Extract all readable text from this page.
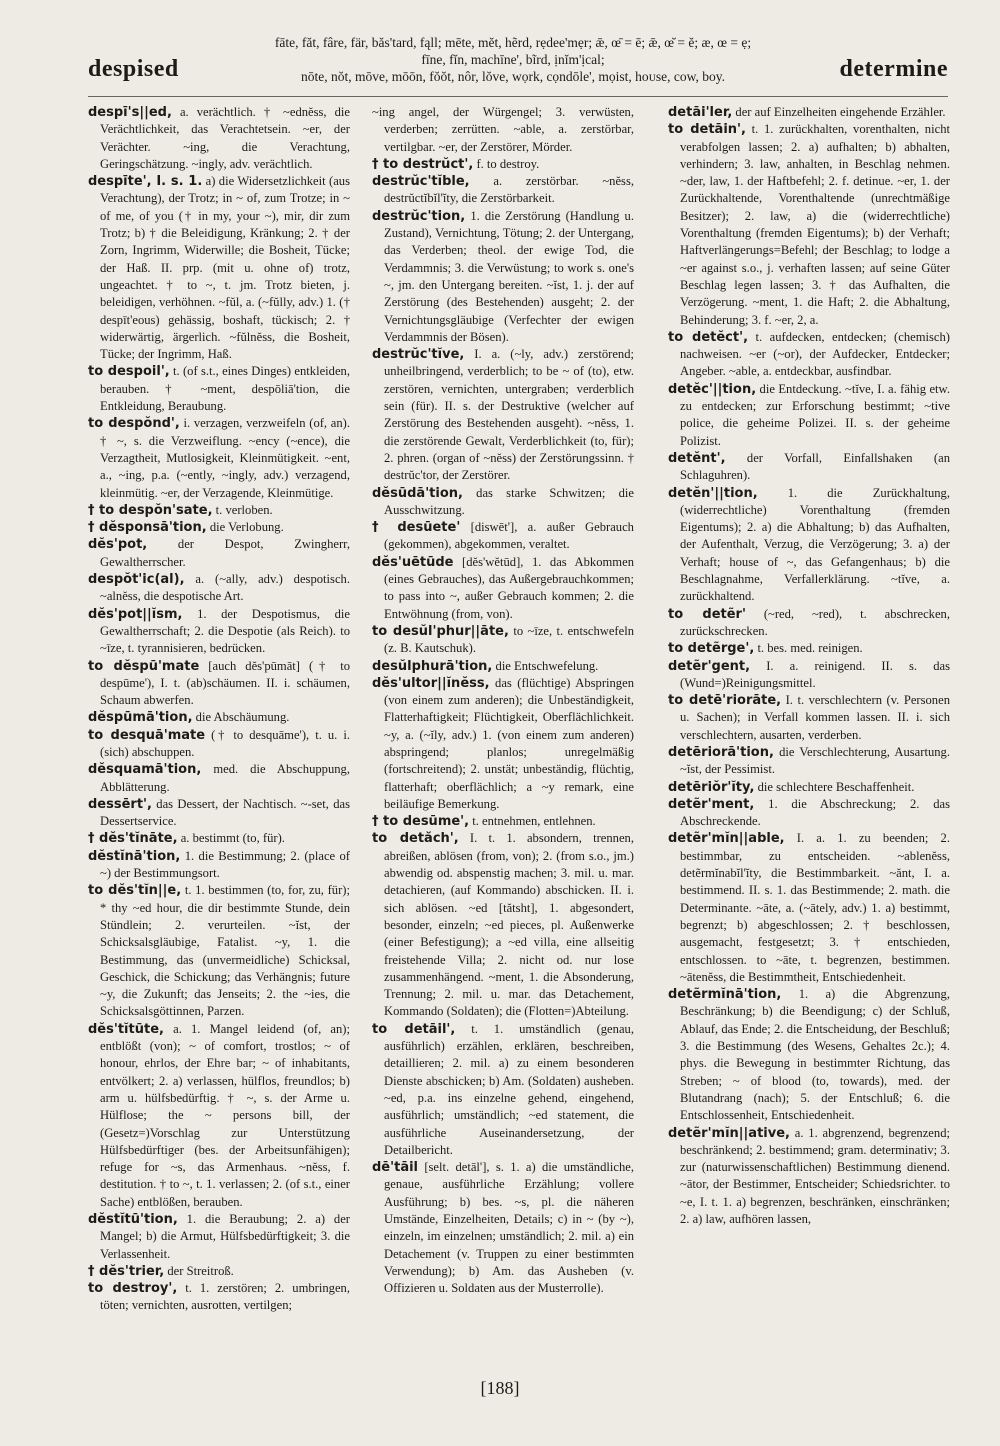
despised
fāte, făt, fâre, fär, băs'tard, fąll; mēte, mĕt, hẽrd, rẹdee'mẹr; ǣ, œ̄ = ē; ǣ, œ̆ = ĕ; æ, œ = ẹ;
fīne, fĭn, machīne', bĩrd, ịnĭm'ịcal;
nōte, nŏt, mōve, mōōn, fŏŏt, nôr, lŏve, wọrk, cọndōle', mọist, hoᴜse, cow, boy.	determine

despī's||ed, a. verächtlich. † ~ednĕss, die Verächtlichkeit, das Verachtetsein. ~er, der Verächter. ~ing, die Verachtung, Geringschätzung. ~ingly, adv. verächtlich.

despīte', I. s. 1. a) die Widersetzlichkeit (aus Verachtung), der Trotz; in ~ of, zum Trotze; in ~ of me, of you († in my, your ~), mir, dir zum Trotz; b) † die Beleidigung, Kränkung; 2. † der Zorn, Ingrimm, Widerwille; die Bosheit, Tücke; der Haß. II. prp. (mit u. ohne of) trotz, ungeachtet. † to ~, t. jm. Trotz bieten, j. beleidigen, verhöhnen. ~fŭl, a. (~fŭlly, adv.) 1. († despīt'eous) gehässig, boshaft, tückisch; 2. † widerwärtig, ärgerlich. ~fŭlnĕss, die Bosheit, Tücke; der Ingrimm, Haß.

to despoil', t. (of s.t., eines Dinges) entkleiden, berauben. † ~ment, despōliā'tion, die Entkleidung, Beraubung.

to despŏnd', i. verzagen, verzweifeln (of, an). † ~, s. die Verzweiflung. ~ency (~ence), die Verzagtheit, Mutlosigkeit, Kleinmütigkeit. ~ent, a., ~ing, p.a. (~ently, ~ingly, adv.) verzagend, kleinmütig. ~er, der Verzagende, Kleinmütige.

† to despŏn'sate, t. verloben.

† dĕsponsā'tion, die Verlobung.

dĕs'pot, der Despot, Zwingherr, Gewaltherrscher.

despŏt'ic(al), a. (~ally, adv.) despotisch. ~alnĕss, die despotische Art.

dĕs'pot||ĭsm, 1. der Despotismus, die Gewaltherrschaft; 2. die Despotie (als Reich). to ~īze, t. tyrannisieren, bedrücken.

to dĕspū'mate [auch dĕs'pūmāt] († to despūme'), I. t. (ab)schäumen. II. i. schäumen, Schaum abwerfen.

dĕspūmā'tion, die Abschäumung.

to desquā'mate († to desquāme'), t. u. i. (sich) abschuppen.

dĕsquamā'tion, med. die Abschuppung, Abblätterung.

dessērt', das Dessert, der Nachtisch. ~-set, das Dessertservice.

† dĕs'tĭnāte, a. bestimmt (to, für).

dĕstĭnā'tion, 1. die Bestimmung; 2. (place of ~) der Bestimmungsort.

to dĕs'tĭn||e, t. 1. bestimmen (to, for, zu, für); * thy ~ed hour, die dir bestimmte Stunde, dein Stündlein; 2. verurteilen. ~ĭst, der Schicksalsgläubige, Fatalist. ~y, 1. die Bestimmung, das (unvermeidliche) Schicksal, Geschick, die Schickung; das Verhängnis; future ~y, die Zukunft; das Jenseits; 2. the ~ies, die Schicksalsgöttinnen, Parzen.

dĕs'tĭtūte, a. 1. Mangel leidend (of, an); entblößt (von); ~ of comfort, trostlos; ~ of honour, ehrlos, der Ehre bar; ~ of inhabitants, entvölkert; 2. a) verlassen, hülflos, freundlos; b) arm u. hülfsbedürftig. † ~, s. der Arme u. Hülflose; the ~ persons bill, der (Gesetz=)Vorschlag zur Unterstützung Hülfsbedürftiger (bes. der Arbeitsunfähigen); refuge for ~s, das Armenhaus. ~nĕss, f. destitution. † to ~, t. 1. verlassen; 2. (of s.t., einer Sache) entblößen, berauben.

dĕstĭtū'tion, 1. die Beraubung; 2. a) der Mangel; b) die Armut, Hülfsbedürftigkeit; 3. die Verlassenheit.

† dĕs'trier, der Streitroß.

to destroy', t. 1. zerstören; 2. umbringen, töten; vernichten, ausrotten, vertilgen;

~ing angel, der Würgengel; 3. verwüsten, verderben; zerrütten. ~able, a. zerstörbar, vertilgbar. ~er, der Zerstörer, Mörder.

† to destrŭct', f. to destroy.

destrŭc'tĭble, a. zerstörbar. ~nĕss, destrŭctĭbĭl'ĭty, die Zerstörbarkeit.

destrŭc'tion, 1. die Zerstörung (Handlung u. Zustand), Vernichtung, Tötung; 2. der Untergang, das Verderben; theol. der ewige Tod, die Verdammnis; 3. die Verwüstung; to work s. one's ~, jm. den Untergang bereiten. ~ĭst, 1. j. der auf Zerstörung (des Bestehenden) ausgeht; 2. der Vernichtungsgläubige (Verfechter der ewigen Verdammnis der Bösen).

destrŭc'tĭve, I. a. (~ly, adv.) zerstörend; unheilbringend, verderblich; to be ~ of (to), etw. zerstören, vernichten, untergraben; verderblich sein (für). II. s. der Destruktive (welcher auf Zerstörung des Bestehenden ausgeht). ~nĕss, 1. die zerstörende Gewalt, Verderblichkeit (to, für); 2. phren. (organ of ~nĕss) der Zerstörungssinn. † destrŭc'tor, der Zerstörer.

dĕsūdā'tion, das starke Schwitzen; die Ausschwitzung.

† desūete' [diswēt'], a. außer Gebrauch (gekommen), abgekommen, veraltet.

dĕs'uētūde [dĕs'wĕtūd], 1. das Abkommen (eines Gebrauches), das Außergebrauchkommen; to pass into ~, außer Gebrauch kommen; 2. die Entwöhnung (from, von).

to desŭl'phur||āte, to ~īze, t. entschwefeln (z. B. Kautschuk).

desŭlphurā'tion, die Entschwefelung.

dĕs'ultor||ĭnĕss, das (flüchtige) Abspringen (von einem zum anderen); die Unbeständigkeit, Flatterhaftigkeit; Flüchtigkeit, Oberflächlichkeit. ~y, a. (~ĭly, adv.) 1. (von einem zum anderen) abspringend; planlos; unregelmäßig (fortschreitend); 2. unstät; unbeständig, flüchtig, flatterhaft; oberflächlich; a ~y remark, eine beiläufige Bemerkung.

† to desūme', t. entnehmen, entlehnen.

to detăch', I. t. 1. absondern, trennen, abreißen, ablösen (from, von); 2. (from s.o., jm.) abwendig od. abspenstig machen; 3. mil. u. mar. detachieren, (auf Kommando) abschicken. II. i. sich ablösen. ~ed [tătsht], 1. abgesondert, besonder, einzeln; ~ed pieces, pl. Außenwerke (einer Befestigung); a ~ed villa, eine allseitig freistehende Villa; 2. nicht od. nur lose zusammenhängend. ~ment, 1. die Absonderung, Trennung; 2. mil. u. mar. das Detachement, Kommando (Soldaten); die (Flotten=)Abteilung.

to detāil', t. 1. umständlich (genau, ausführlich) erzählen, erklären, beschreiben, detaillieren; 2. mil. a) zu einem besonderen Dienste abschicken; b) Am. (Soldaten) ausheben. ~ed, p.a. ins einzelne gehend, eingehend, ausführlich; umständlich; ~ed statement, die ausführliche Auseinandersetzung, der Detailbericht.

dē'tāil [selt. detāl'], s. 1. a) die umständliche, genaue, ausführliche Erzählung; vollere Ausführung; b) bes. ~s, pl. die näheren Umstände, Einzelheiten, Details; c) in ~ (by ~), einzeln, im einzelnen; umständlich; 2. mil. a) ein Detachement (v. Truppen zu einer bestimmten Verwendung); b) Am. das Ausheben (v. Offizieren u. Soldaten aus der Musterrolle).

detāi'ler, der auf Einzelheiten eingehende Erzähler.

to detāin', t. 1. zurückhalten, vorenthalten, nicht verabfolgen lassen; 2. a) aufhalten; b) abhalten, verhindern; 3. law, anhalten, in Beschlag nehmen. ~der, law, 1. der Haftbefehl; 2. f. detinue. ~er, 1. der Zurückhaltende, Vorenthaltende (unrechtmäßige Besitzer); 2. law, a) die (widerrechtliche) Vorenthaltung (fremden Eigentums); b) der Verhaft; Haftverlängerungs=Befehl; der Beschlag; to lodge a ~er against s.o., j. verhaften lassen; auf seine Güter Beschlag legen lassen; 3. † das Aufhalten, die Verzögerung. ~ment, 1. die Haft; 2. die Abhaltung, Behinderung; 3. f. ~er, 2, a.

to detĕct', t. aufdecken, entdecken; (chemisch) nachweisen. ~er (~or), der Aufdecker, Entdecker; Angeber. ~able, a. entdeckbar, ausfindbar.

detĕc'||tion, die Entdeckung. ~tĭve, I. a. fähig etw. zu entdecken; zur Erforschung bestimmt; ~tive police, die geheime Polizei. II. s. der geheime Polizist.

detĕnt', der Vorfall, Einfallshaken (an Schlaguhren).

detĕn'||tion, 1. die Zurückhaltung, (widerrechtliche) Vorenthaltung (fremden Eigentums); 2. a) die Abhaltung; b) das Aufhalten, der Aufenthalt, Verzug, die Verzögerung; 3. a) der Verhaft; house of ~, das Gefangenhaus; b) die Beschlagnahme, Verfallerklärung. ~tĭve, a. zurückhaltend.

to detẽr' (~red, ~red), t. abschrecken, zurückschrecken.

to detẽrge', t. bes. med. reinigen.

detẽr'gent, I. a. reinigend. II. s. das (Wund=)Reinigungsmittel.

to detē'riorāte, I. t. verschlechtern (v. Personen u. Sachen); in Verfall kommen lassen. II. i. sich verschlechtern, ausarten, verderben.

detēriorā'tion, die Verschlechterung, Ausartung. ~ĭst, der Pessimist.

detēriŏr'ĭty, die schlechtere Beschaffenheit.

detẽr'ment, 1. die Abschreckung; 2. das Abschreckende.

detẽr'mĭn||able, I. a. 1. zu beenden; 2. bestimmbar, zu entscheiden. ~ablenĕss, detẽrmĭnabĭl'ĭty, die Bestimmbarkeit. ~ănt, I. a. bestimmend. II. s. 1. das Bestimmende; 2. math. die Determinante. ~āte, a. (~ātely, adv.) 1. a) bestimmt, begrenzt; b) abgeschlossen; 2. † beschlossen, ausgemacht, festgesetzt; 3. † entschieden, entschlossen. to ~āte, t. begrenzen, bestimmen. ~ātenĕss, die Bestimmtheit, Entschiedenheit.

detẽrmĭnā'tion, 1. a) die Abgrenzung, Beschränkung; b) die Beendigung; c) der Schluß, Ablauf, das Ende; 2. die Entscheidung, der Beschluß; 3. die Bestimmung (des Wesens, Gehaltes 2c.); 4. phys. die Bewegung in bestimmter Richtung, das Streben; ~ of blood (to, towards), med. der Blutandrang (nach); 5. der Entschluß; 6. die Entschlossenheit, Entschiedenheit.

detẽr'mĭn||ative, a. 1. abgrenzend, begrenzend; beschränkend; 2. bestimmend; gram. determinativ; 3. zur (naturwissenschaftlichen) Bestimmung dienend. ~ātor, der Bestimmer, Entscheider; Schiedsrichter. to ~e, I. t. 1. a) begrenzen, beschränken, einschränken; 2. a) law, aufhören lassen,

[188]
